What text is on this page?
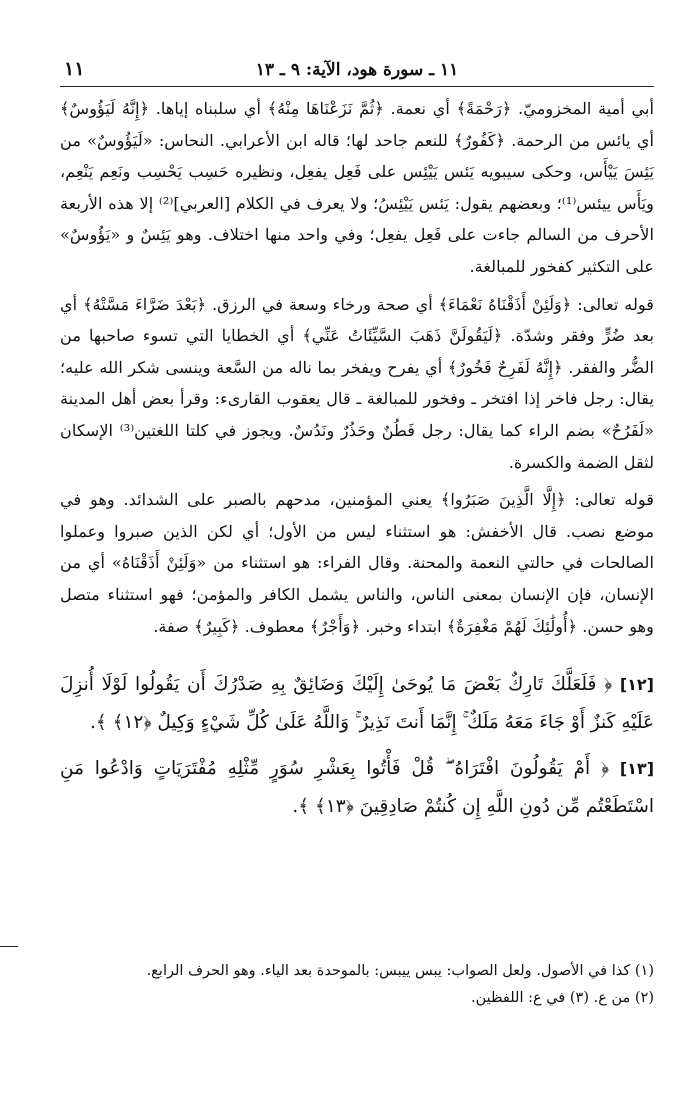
١١ ـ سورة هود، الآية: ٩ ـ ١٣
١١

أبي أمية المخزوميّ. ﴿رَحْمَةً﴾ أي نعمة. ﴿ثُمَّ نَزَعْنَاهَا مِنْهُ﴾ أي سلبناه إياها. ﴿إِنَّهُ لَيَؤُوسٌ﴾ أي يائس من الرحمة. ﴿كَفُورٌ﴾ للنعم جاحد لها؛ قاله ابن الأعرابي. النحاس: «لَيَؤُوسٌ» من يَئِسَ يَيْأَس، وحكى سيبويه يَئس يَيْئِس على فَعِل يفعِل، ونظيره حَسِب يَحْسِب ونَعِم يَنْعِم، ويَأَس ييئس⁽¹⁾؛ وبعضهم يقول: يَئس يَيْئِسُ؛ ولا يعرف في الكلام [العربي]⁽²⁾ إلا هذه الأربعة الأحرف من السالم جاءت على فَعِل يفعِل؛ وفي واحد منها اختلاف. وهو يَئِسٌ و «يَؤُوسٌ» على التكثير كفخور للمبالغة.

قوله تعالى: ﴿وَلَئِنْ أَذَقْنَاهُ نَعْمَاءَ﴾ أي صحة ورخاء وسعة في الرزق. ﴿بَعْدَ ضَرَّاءَ مَسَّتْهُ﴾ أي بعد ضُرٍّ وفقر وشدّة. ﴿لَيَقُولَنَّ ذَهَبَ السَّيِّئَاتُ عَنِّي﴾ أي الخطايا التي تسوء صاحبها من الضُّر والفقر. ﴿إِنَّهُ لَفَرِحٌ فَخُورٌ﴾ أي يفرح ويفخر بما ناله من السَّعة وينسى شكر الله عليه؛ يقال: رجل فاخر إذا افتخر ـ وفخور للمبالغة ـ قال يعقوب القارىء: وقرأ بعض أهل المدينة «لَفَرُحٌ» بضم الراء كما يقال: رجل فَطُنٌ وحَذُرٌ ونَدُسٌ. ويجوز في كلتا اللغتين⁽³⁾ الإسكان لثقل الضمة والكسرة.

قوله تعالى: ﴿إِلَّا الَّذِينَ صَبَرُوا﴾ يعني المؤمنين، مدحهم بالصبر على الشدائد. وهو في موضع نصب. قال الأخفش: هو استثناء ليس من الأول؛ أي لكن الذين صبروا وعملوا الصالحات في حالتي النعمة والمحنة. وقال الفراء: هو استثناء من «وَلَئِنْ أَذَقْنَاهُ» أي من الإنسان، فإن الإنسان بمعنى الناس، والناس يشمل الكافر والمؤمن؛ فهو استثناء متصل وهو حسن. ﴿أُولَٰئِكَ لَهُمْ مَغْفِرَةٌ﴾ ابتداء وخبر. ﴿وَأَجْرٌ﴾ معطوف. ﴿كَبِيرٌ﴾ صفة.

[١٢] ﴿ فَلَعَلَّكَ تَارِكٌ بَعْضَ مَا يُوحَىٰ إِلَيْكَ وَضَائِقٌ بِهِ صَدْرُكَ أَن يَقُولُوا لَوْلَا أُنزِلَ عَلَيْهِ كَنزٌ أَوْ جَاءَ مَعَهُ مَلَكٌ ۚ إِنَّمَا أَنتَ نَذِيرٌ ۚ وَاللَّهُ عَلَىٰ كُلِّ شَيْءٍ وَكِيلٌ ﴿١٢﴾ ﴾.

[١٣] ﴿ أَمْ يَقُولُونَ افْتَرَاهُ ۖ قُلْ فَأْتُوا بِعَشْرِ سُوَرٍ مِّثْلِهِ مُفْتَرَيَاتٍ وَادْعُوا مَنِ اسْتَطَعْتُم مِّن دُونِ اللَّهِ إِن كُنتُمْ صَادِقِينَ ﴿١٣﴾ ﴾.

(١) كذا في الأصول. ولعل الصواب: يبس ييبس: بالموحدة بعد الياء. وهو الحرف الرابع.

(٢) من ع. (٣) في ع: اللفظين.
